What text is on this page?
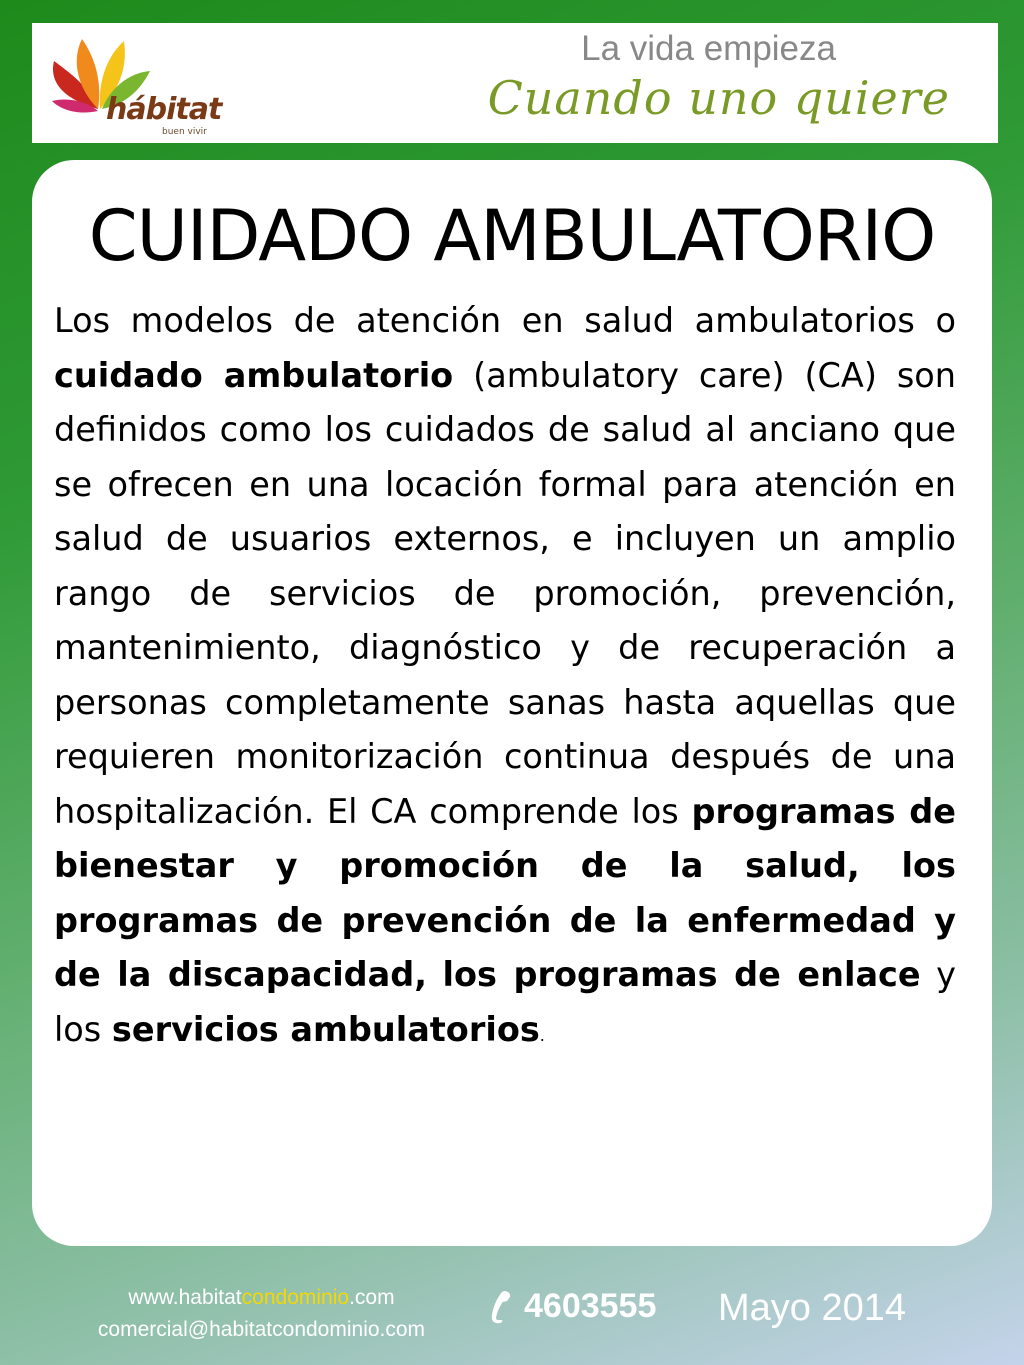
hábitat
buen vivir
La vida empieza
Cuando uno quiere
CUIDADO AMBULATORIO

Los modelos de atención en salud ambulatorios o cuidado ambulatorio (ambulatory care) (CA) son definidos como los cuidados de salud al anciano que se ofrecen en una locación formal para atención en salud de usuarios externos, e incluyen un amplio rango de servicios de promoción, prevención, mantenimiento, diagnóstico y de recuperación a personas completamente sanas hasta aquellas que requieren monitorización continua después de una hospitalización. El CA comprende los programas de bienestar y promoción de la salud, los programas de prevención de la enfermedad y de la discapacidad, los programas de enlace y los servicios ambulatorios.

www.habitatcondominio.com
comercial@habitatcondominio.com
4603555 Mayo 2014
